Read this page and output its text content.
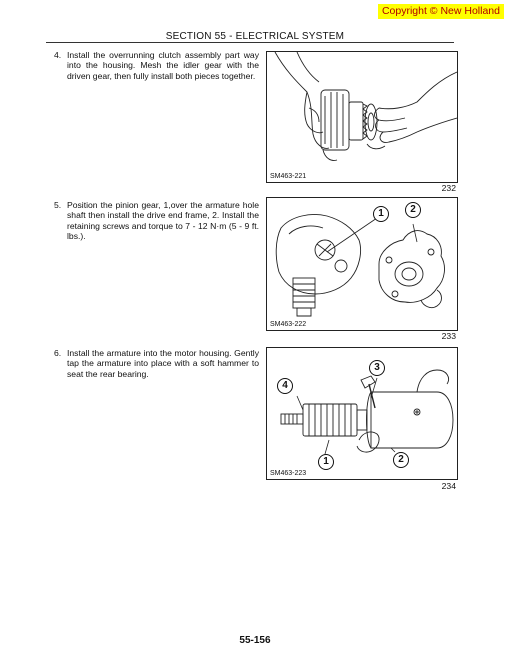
Copyright © New Holland
SECTION 55 - ELECTRICAL SYSTEM
4. Install the overrunning clutch assembly part way into the housing. Mesh the idler gear with the driven gear, then fully install both pieces together.
SM463-221
232
5. Position the pinion gear, 1,over the armature hole shaft then install the drive end frame, 2. Install the retaining screws and torque to 7 - 12 N·m (5 - 9 ft. lbs.).
1	2
SM463-222
233
6. Install the armature into the motor housing. Gently tap the armature into place with a soft hammer to seat the rear bearing.
3
4
1	2
SM463-223
234
55-156
